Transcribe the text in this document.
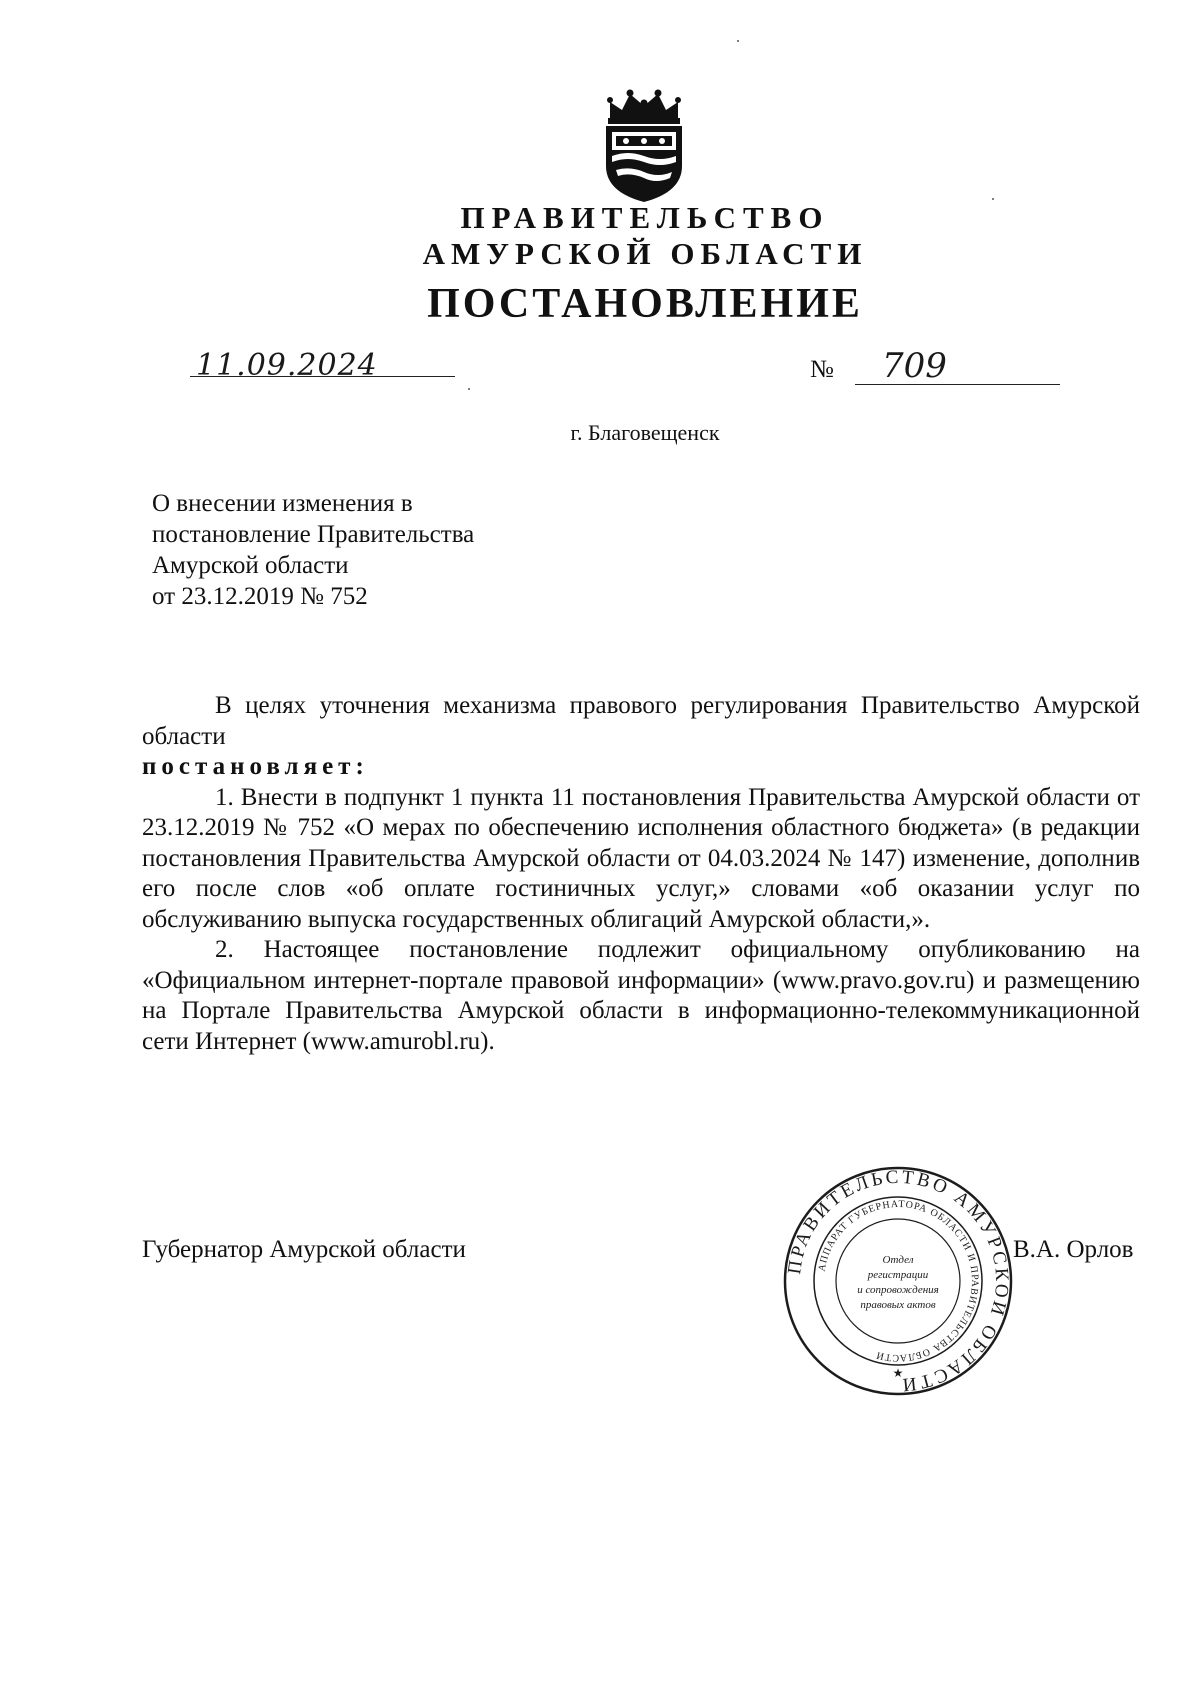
ПРАВИТЕЛЬСТВО
АМУРСКОЙ ОБЛАСТИ
ПОСТАНОВЛЕНИЕ
11.09.2024	№ 709
г. Благовещенск
О внесении изменения в
постановление Правительства
Амурской области
от 23.12.2019 № 752

В целях уточнения механизма правового регулирования Правительство Амурской области

постановляет:

1. Внести в подпункт 1 пункта 11 постановления Правительства Амурской области от 23.12.2019 № 752 «О мерах по обеспечению исполнения областного бюджета» (в редакции постановления Правительства Амурской области от 04.03.2024 № 147) изменение, дополнив его после слов «об оплате гостиничных услуг,» словами «об оказании услуг по обслуживанию выпуска государственных облигаций Амурской области,».

2. Настоящее постановление подлежит официальному опубликованию на «Официальном интернет-портале правовой информации» (www.pravo.gov.ru) и размещению на Портале Правительства Амурской области в информационно-телекоммуникационной сети Интернет (www.amurobl.ru).

Губернатор Амурской области	В.А. Орлов
ПРАВИТЕЛЬСТВО АМУРСКОЙ ОБЛАСТИ
АППАРАТ ГУБЕРНАТОРА ОБЛАСТИ И ПРАВИТЕЛЬСТВА ОБЛАСТИ
Отдел
регистрации
и сопровождения
правовых актов
★
